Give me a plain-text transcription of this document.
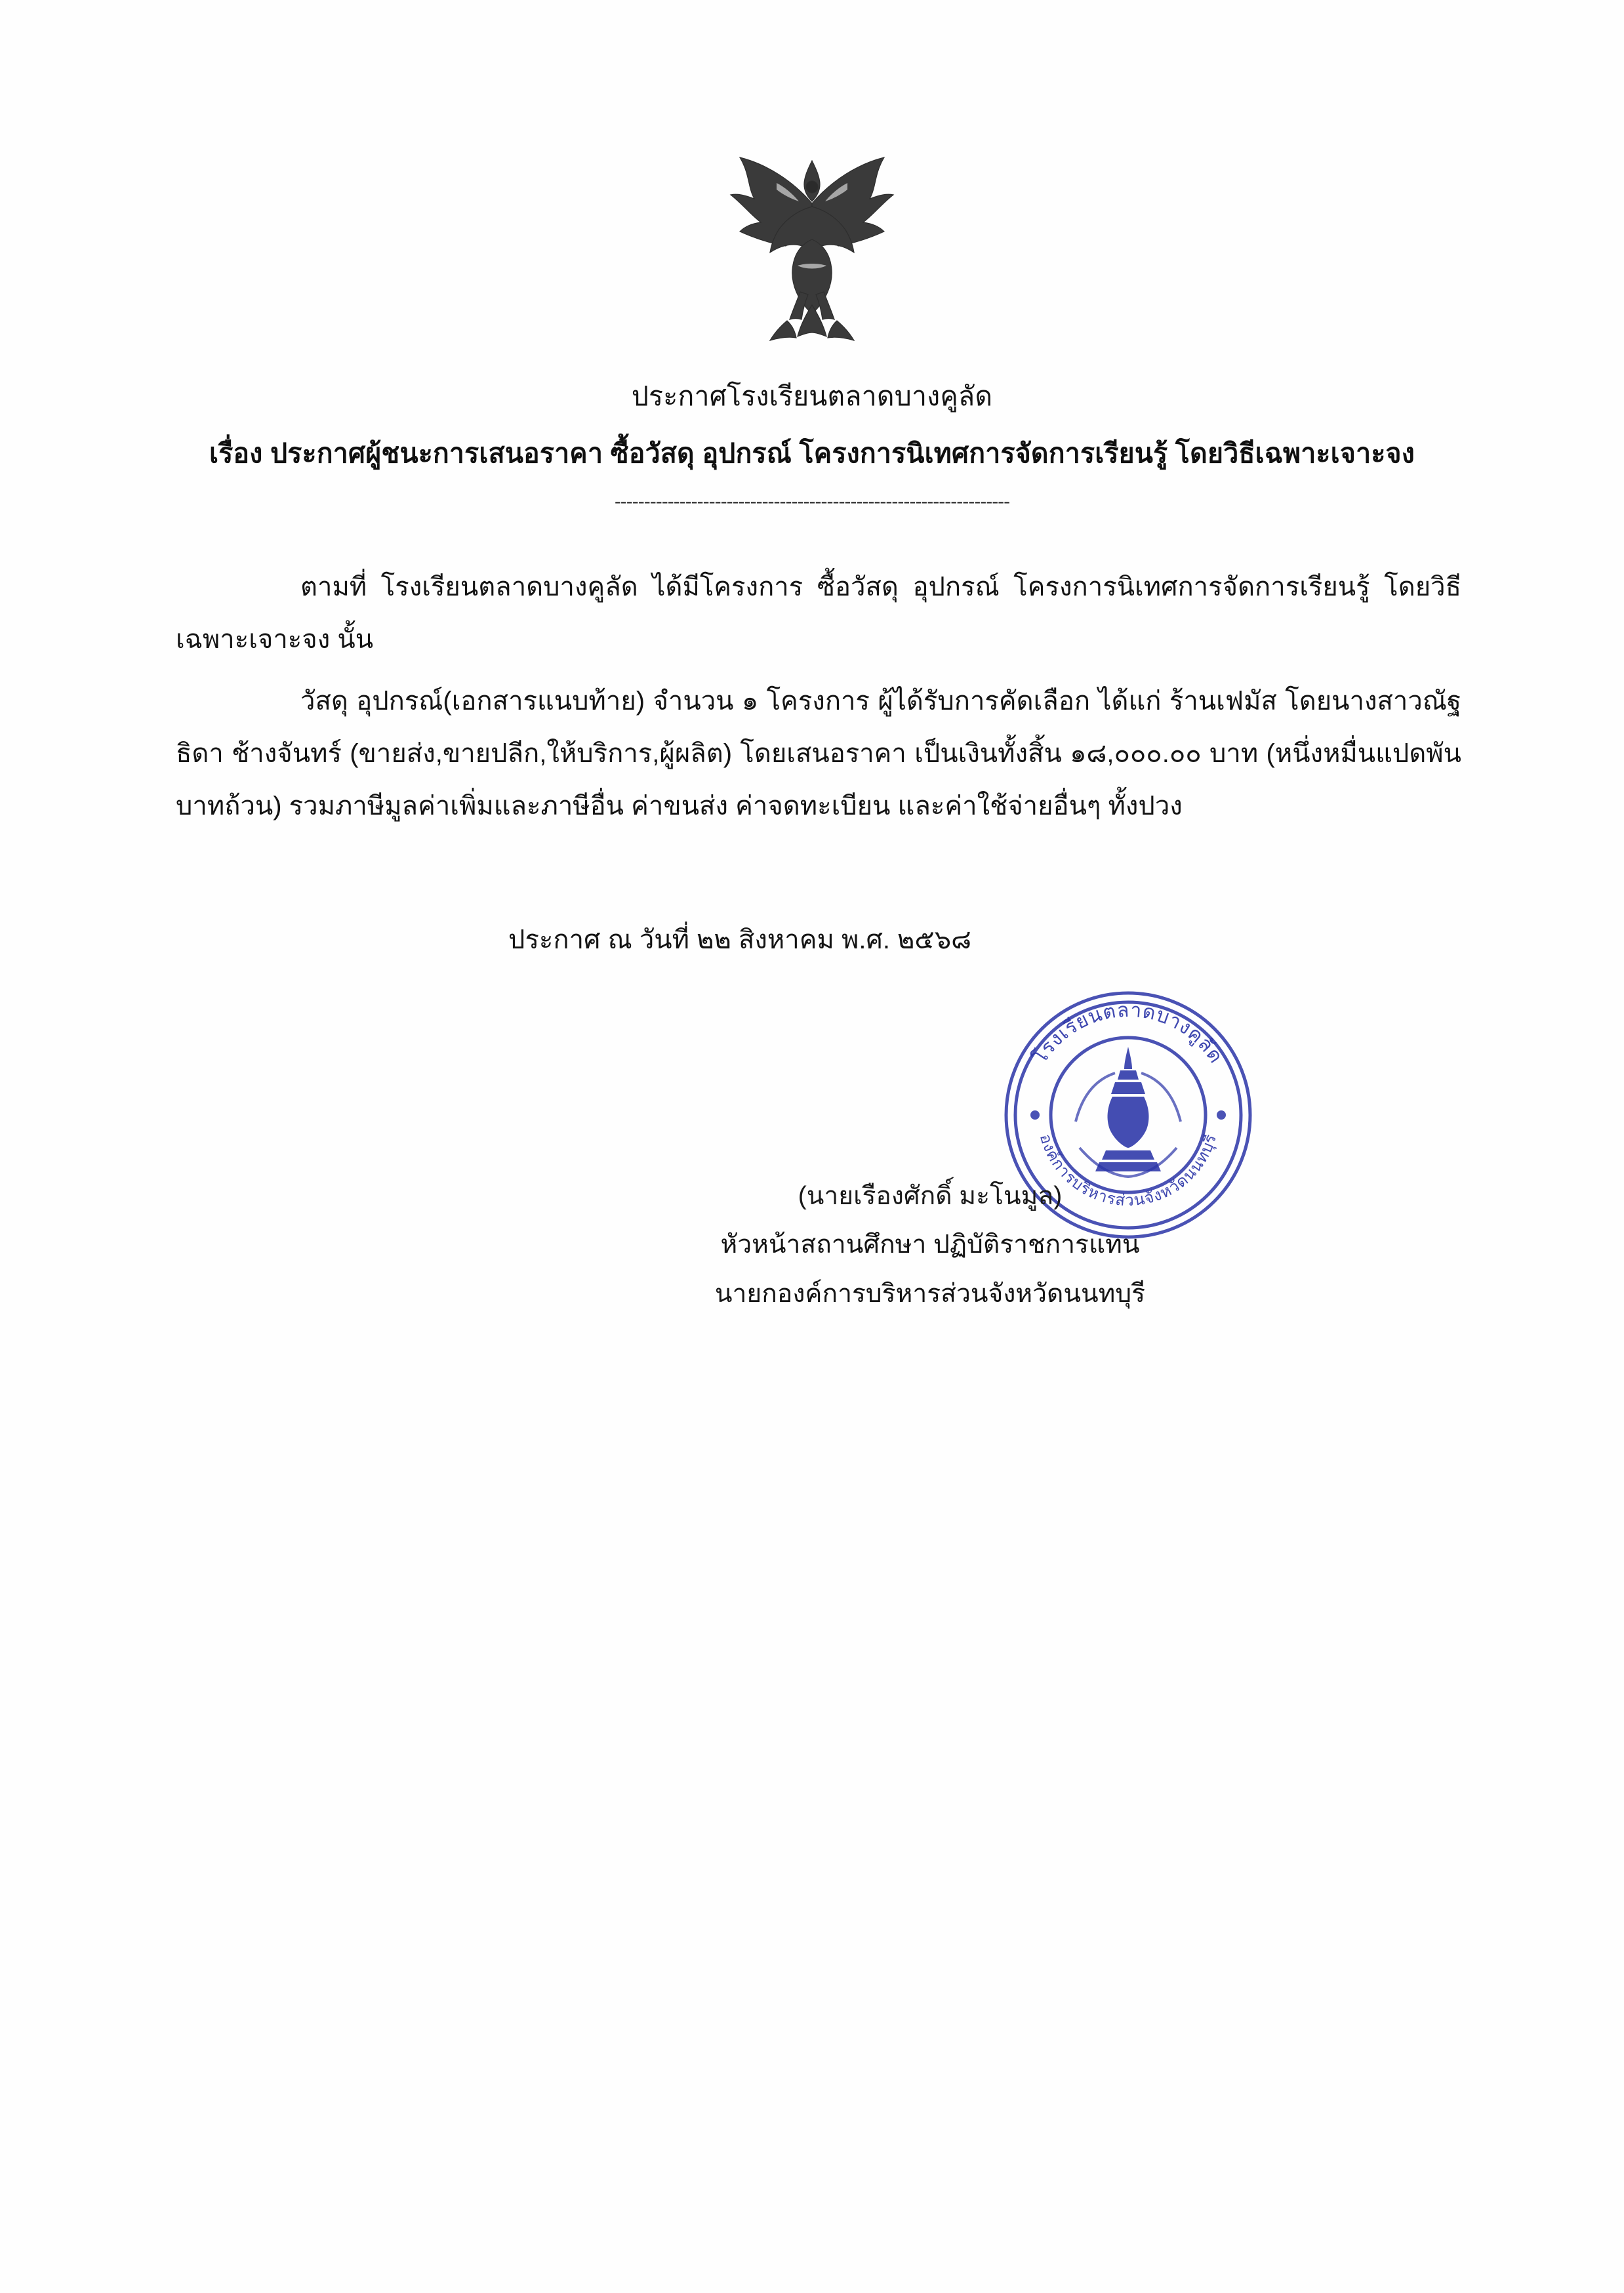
ประกาศโรงเรียนตลาดบางคูลัด
เรื่อง ประกาศผู้ชนะการเสนอราคา ซื้อวัสดุ อุปกรณ์ โครงการนิเทศการจัดการเรียนรู้ โดยวิธีเฉพาะเจาะจง
-------------------------------------------------------------------

ตามที่ โรงเรียนตลาดบางคูลัด ได้มีโครงการ ซื้อวัสดุ อุปกรณ์ โครงการนิเทศการจัดการเรียนรู้ โดยวิธีเฉพาะเจาะจง นั้น

วัสดุ อุปกรณ์(เอกสารแนบท้าย) จำนวน ๑ โครงการ ผู้ได้รับการคัดเลือก ได้แก่ ร้านเฟมัส โดยนางสาวณัฐธิดา ช้างจันทร์ (ขายส่ง,ขายปลีก,ให้บริการ,ผู้ผลิต) โดยเสนอราคา เป็นเงินทั้งสิ้น ๑๘,๐๐๐.๐๐ บาท (หนึ่งหมื่นแปดพันบาทถ้วน) รวมภาษีมูลค่าเพิ่มและภาษีอื่น ค่าขนส่ง ค่าจดทะเบียน และค่าใช้จ่ายอื่นๆ ทั้งปวง

ประกาศ ณ วันที่ ๒๒ สิงหาคม พ.ศ. ๒๕๖๘
โรงเรียนตลาดบางคูลัด
องค์การบริหารส่วนจังหวัดนนทบุรี
(นายเรืองศักดิ์ มะโนมูล)
หัวหน้าสถานศึกษา ปฏิบัติราชการแทน
นายกองค์การบริหารส่วนจังหวัดนนทบุรี
